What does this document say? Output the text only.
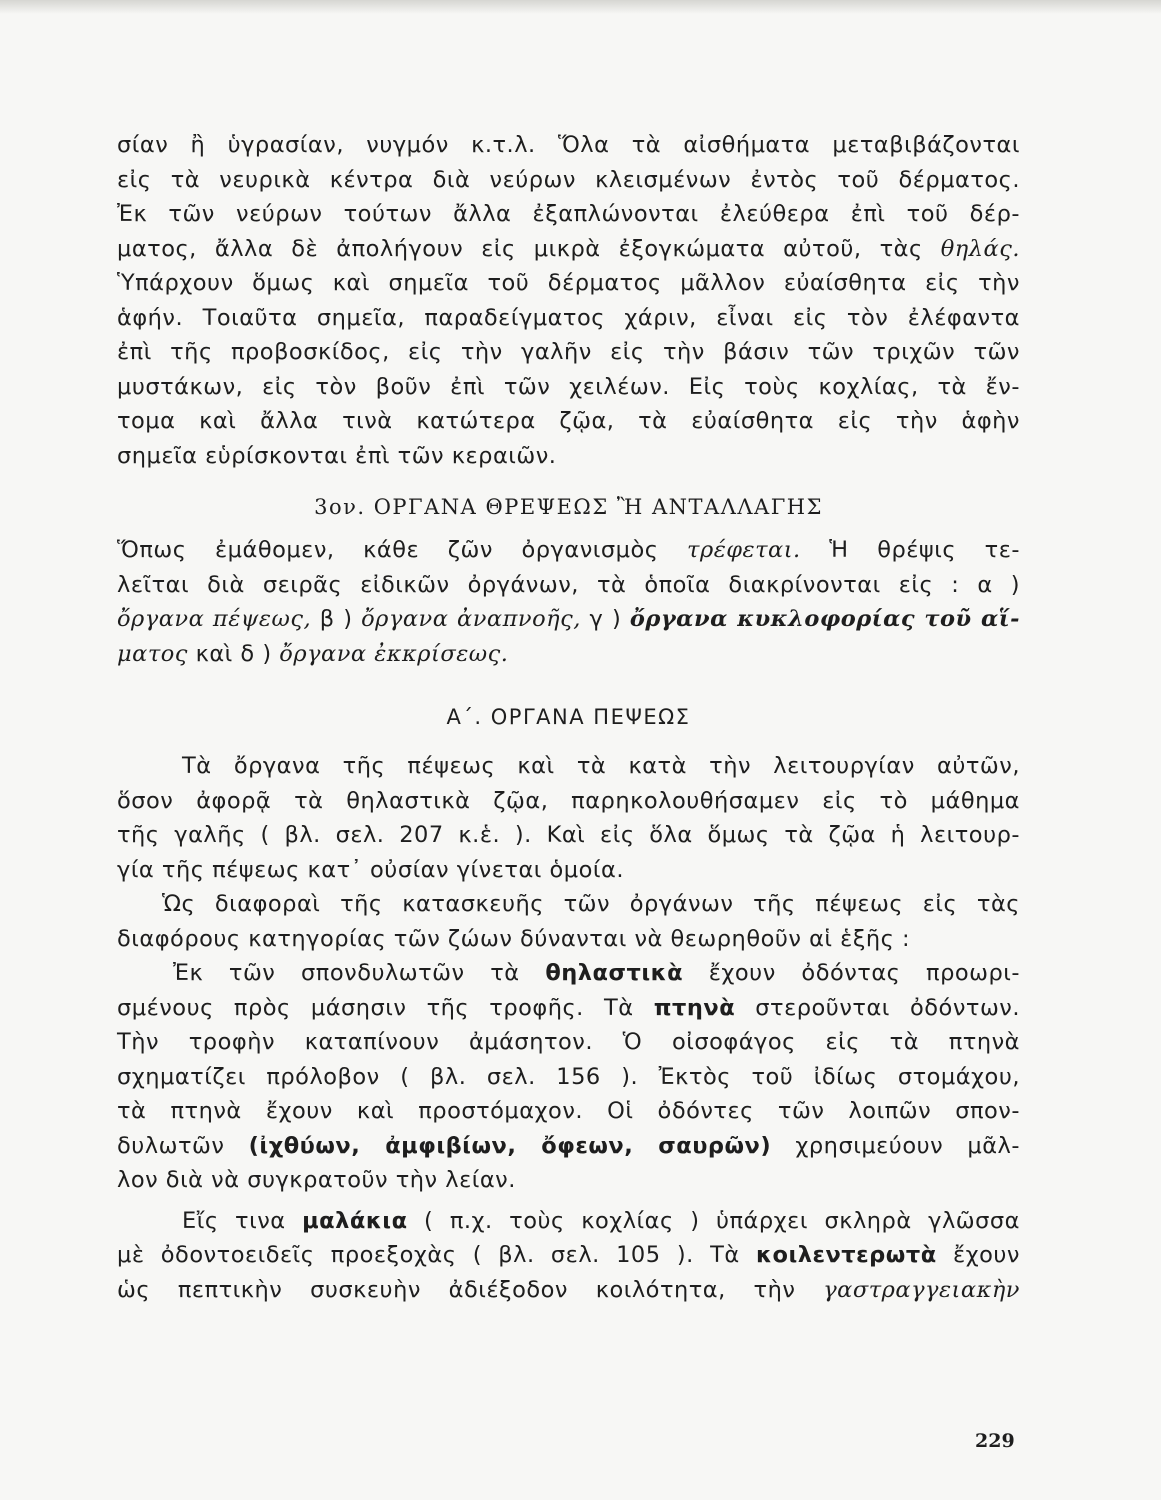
σίαν ἢ ὑγρασίαν, νυγμόν κ.τ.λ. Ὅλα τὰ αἰσθήματα μεταβιβάζονται
εἰς τὰ νευρικὰ κέντρα διὰ νεύρων κλεισμένων ἐντὸς τοῦ δέρματος.
Ἐκ τῶν νεύρων τούτων ἄλλα ἐξαπλώνονται ἐλεύθερα ἐπὶ τοῦ δέρ-
ματος, ἄλλα δὲ ἀπολήγουν εἰς μικρὰ ἐξογκώματα αὐτοῦ, τὰς θηλάς.
Ὑπάρχουν ὅμως καὶ σημεῖα τοῦ δέρματος μᾶλλον εὐαίσθητα εἰς τὴν
ἁφήν. Τοιαῦτα σημεῖα, παραδείγματος χάριν, εἶναι εἰς τὸν ἐλέφαντα
ἐπὶ τῆς προβοσκίδος, εἰς τὴν γαλῆν εἰς τὴν βάσιν τῶν τριχῶν τῶν
μυστάκων, εἰς τὸν βοῦν ἐπὶ τῶν χειλέων. Εἰς τοὺς κοχλίας, τὰ ἔν-
τομα καὶ ἄλλα τινὰ κατώτερα ζῷα, τὰ εὐαίσθητα εἰς τὴν ἁφὴν
σημεῖα εὑρίσκονται ἐπὶ τῶν κεραιῶν.
3ον. ΟΡΓΑΝΑ ΘΡΕΨΕΩΣ Ἢ ΑΝΤΑΛΛΑΓΗΣ
Ὅπως ἐμάθομεν, κάθε ζῶν ὀργανισμὸς τρέφεται. Ἡ θρέψις τε-
λεῖται διὰ σειρᾶς εἰδικῶν ὀργάνων, τὰ ὁποῖα διακρίνονται εἰς : α )
ὄργανα πέψεως, β ) ὄργανα ἀναπνοῆς, γ ) ὄργανα κυκλοφορίας τοῦ αἵ-
ματος καὶ δ ) ὄργανα ἐκκρίσεως.
Α΄. ΟΡΓΑΝΑ ΠΕΨΕΩΣ
Τὰ ὄργανα τῆς πέψεως καὶ τὰ κατὰ τὴν λειτουργίαν αὐτῶν,
ὅσον ἀφορᾷ τὰ θηλαστικὰ ζῷα, παρηκολουθήσαμεν εἰς τὸ μάθημα
τῆς γαλῆς ( βλ. σελ. 207 κ.ἑ. ). Καὶ εἰς ὅλα ὅμως τὰ ζῷα ἡ λειτουρ-
γία τῆς πέψεως κατ᾽ οὐσίαν γίνεται ὁμοία.
Ὡς διαφοραὶ τῆς κατασκευῆς τῶν ὀργάνων τῆς πέψεως εἰς τὰς
διαφόρους κατηγορίας τῶν ζώων δύνανται νὰ θεωρηθοῦν αἱ ἑξῆς :
Ἐκ τῶν σπονδυλωτῶν τὰ θηλαστικὰ ἔχουν ὀδόντας προωρι-
σμένους πρὸς μάσησιν τῆς τροφῆς. Τὰ πτηνὰ στεροῦνται ὀδόντων.
Τὴν τροφὴν καταπίνουν ἀμάσητον. Ὁ οἰσοφάγος εἰς τὰ πτηνὰ
σχηματίζει πρόλοβον ( βλ. σελ. 156 ). Ἐκτὸς τοῦ ἰδίως στομάχου,
τὰ πτηνὰ ἔχουν καὶ προστόμαχον. Οἱ ὀδόντες τῶν λοιπῶν σπον-
δυλωτῶν (ἰχθύων, ἀμφιβίων, ὄφεων, σαυρῶν) χρησιμεύουν μᾶλ-
λον διὰ νὰ συγκρατοῦν τὴν λείαν.
Εἴς τινα μαλάκια ( π.χ. τοὺς κοχλίας ) ὑπάρχει σκληρὰ γλῶσσα
μὲ ὀδοντοειδεῖς προεξοχὰς ( βλ. σελ. 105 ). Τὰ κοιλεντερωτὰ ἔχουν
ὡς πεπτικὴν συσκευὴν ἀδιέξοδον κοιλότητα, τὴν γαστραγγειακὴν
229
